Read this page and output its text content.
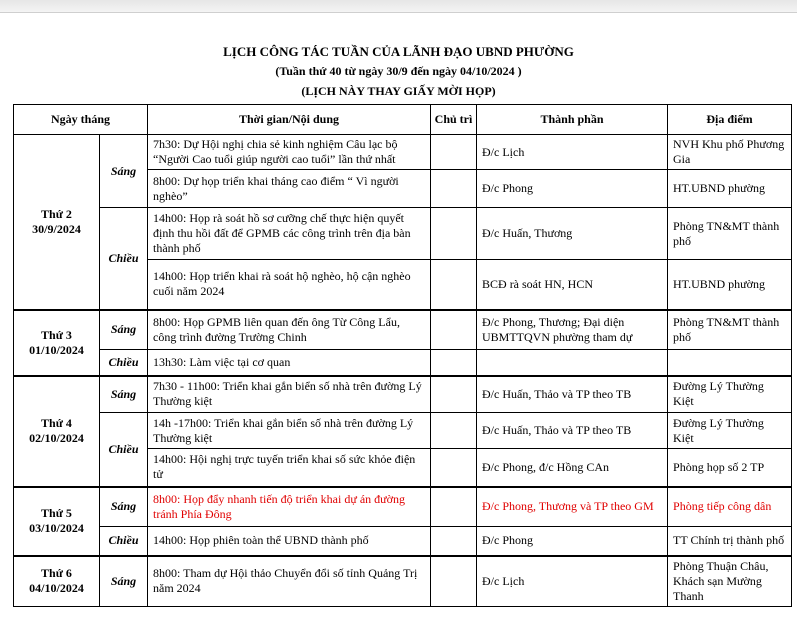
LỊCH CÔNG TÁC TUẦN CỦA LÃNH ĐẠO UBND PHƯỜNG
(Tuần thứ 40 từ ngày 30/9 đến ngày 04/10/2024 )
(LỊCH NÀY THAY GIẤY MỜI HỌP)
Ngày tháng		Thời gian/Nội dung	Chủ trì	Thành phần	Địa điểm

Thứ 2
30/9/2024	Sáng	7h30: Dự Hội nghị chia sẻ kinh nghiệm Câu lạc bộ “Người Cao tuổi giúp người cao tuổi” lần thứ nhất		Đ/c Lịch	NVH Khu phố Phương Gia
		8h00: Dự họp triển khai tháng cao điểm “ Vì người nghèo”		Đ/c Phong	HT.UBND phường
	Chiều	14h00: Họp rà soát hồ sơ cưỡng chế thực hiện quyết định thu hồi đất để GPMB các công trình trên địa bàn thành phố		Đ/c Huấn, Thương	Phòng TN&MT thành phố
		14h00: Họp triển khai rà soát hộ nghèo, hộ cận nghèo cuối năm 2024		BCĐ rà soát HN, HCN	HT.UBND phường

Thứ 3
01/10/2024	Sáng	8h00: Họp GPMB liên quan đến ông Từ Công Lẩu, công trình đường Trường Chinh		Đ/c Phong, Thương; Đại diện UBMTTQVN phường tham dự	Phòng TN&MT thành phố
	Chiều	13h30: Làm việc tại cơ quan			

Thứ 4
02/10/2024	Sáng	7h30 - 11h00: Triển khai gắn biển số nhà trên đường Lý Thường kiệt		Đ/c Huấn, Thảo và TP theo TB	Đường Lý Thường Kiệt
	Chiều	14h -17h00: Triển khai gắn biển số nhà trên đường Lý Thường kiệt		Đ/c Huấn, Thảo và TP theo TB	Đường Lý Thường Kiệt
		14h00: Hội nghị trực tuyến triển khai số sức khỏe điện tử		Đ/c Phong, đ/c Hồng CAn	Phòng họp số 2 TP

Thứ 5
03/10/2024	Sáng	8h00: Họp đẩy nhanh tiến độ triển khai dự án đường tránh Phía Đông		Đ/c Phong, Thương và TP theo GM	Phòng tiếp công dân
	Chiều	14h00: Họp phiên toàn thể UBND thành phố		Đ/c Phong	TT Chính trị thành phố

Thứ 6
04/10/2024	Sáng	8h00: Tham dự Hội thảo Chuyển đổi số tỉnh Quảng Trị năm 2024		Đ/c Lịch	Phòng Thuận Châu, Khách sạn Mường Thanh
